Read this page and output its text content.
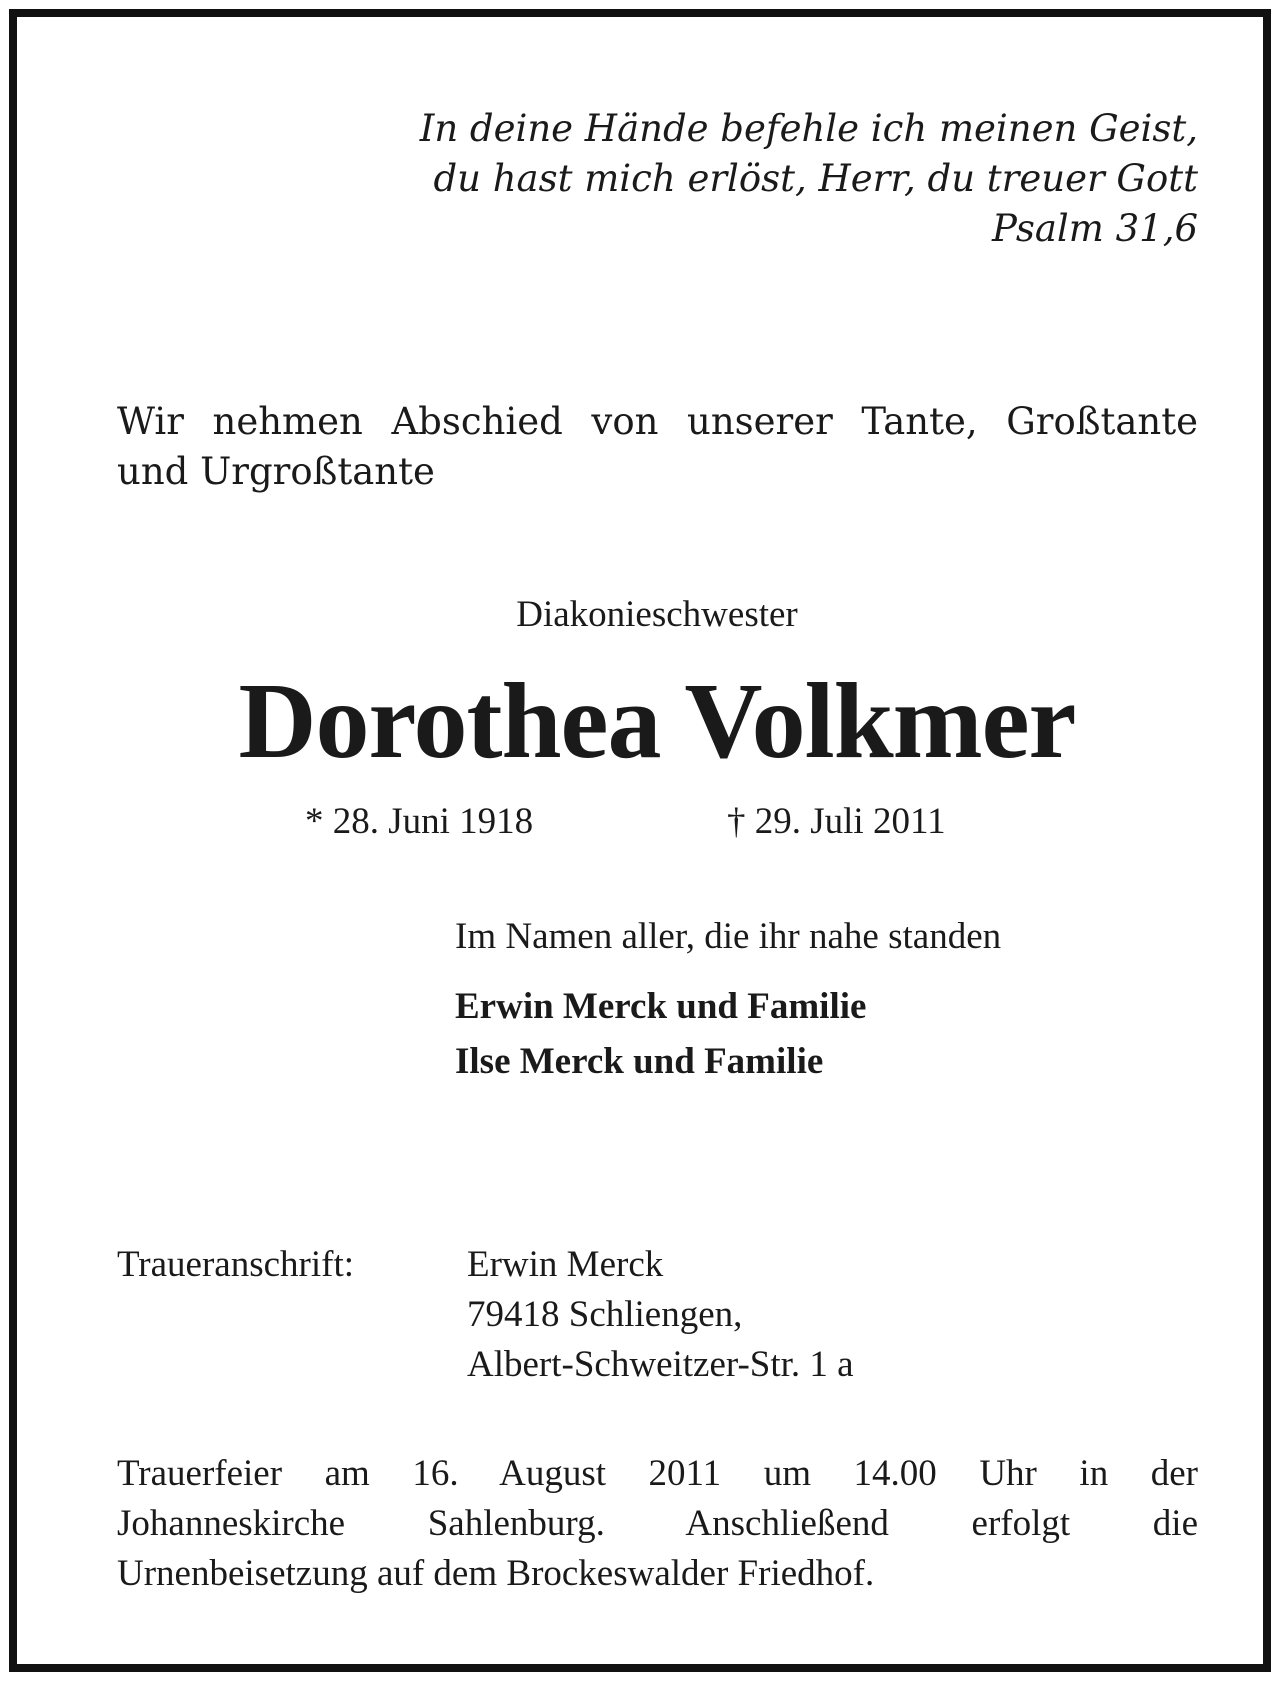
In deine Hände befehle ich meinen Geist,
du hast mich erlöst, Herr, du treuer Gott
Psalm 31,6
Wir nehmen Abschied von unserer Tante, Großtante
und Urgroßtante
Diakonieschwester
Dorothea Volkmer
* 28. Juni 1918	† 29. Juli 2011
Im Namen aller, die ihr nahe standen
Erwin Merck und Familie
Ilse Merck und Familie
Traueranschrift:	Erwin Merck
79418 Schliengen,
Albert-Schweitzer-Str. 1 a
Trauerfeier am 16. August 2011 um 14.00 Uhr in der
Johanneskirche Sahlenburg. Anschließend erfolgt die
Urnenbeisetzung auf dem Brockeswalder Friedhof.
